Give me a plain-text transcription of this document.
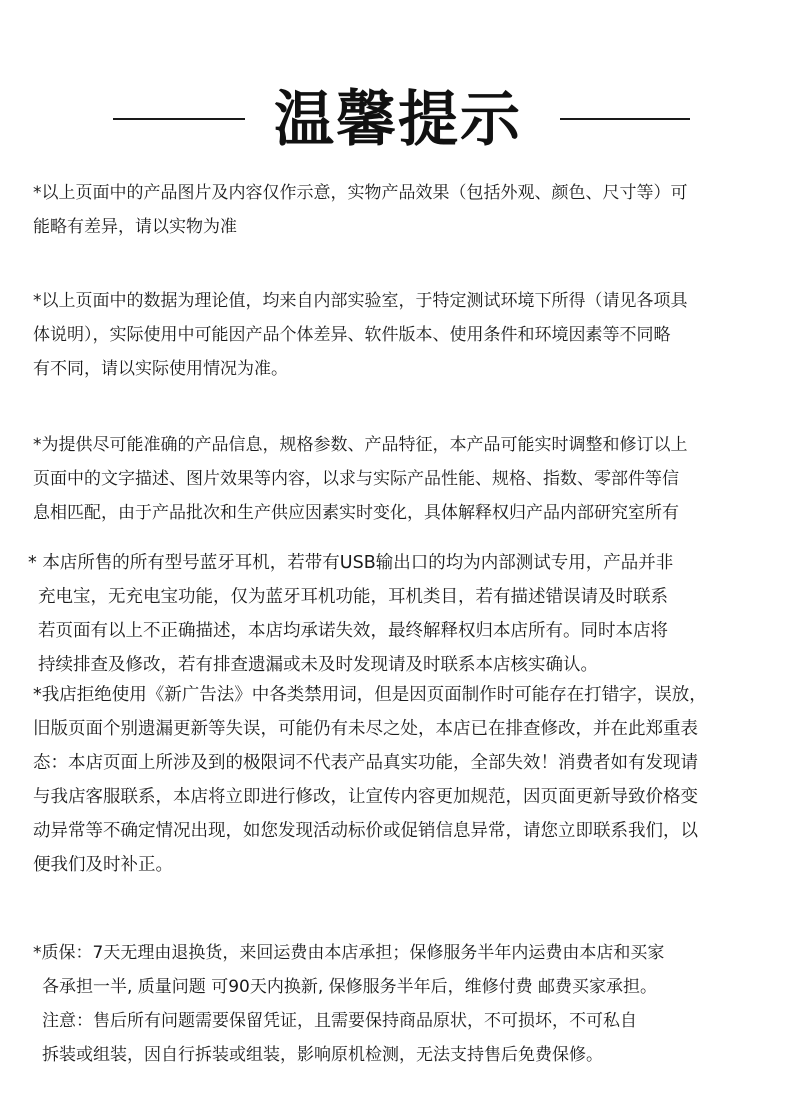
温馨提示
*以上页面中的产品图片及内容仅作示意，实物产品效果（包括外观、颜色、尺寸等）可
能略有差异，请以实物为准
*以上页面中的数据为理论值，均来自内部实验室，于特定测试环境下所得（请见各项具
体说明），实际使用中可能因产品个体差异、软件版本、使用条件和环境因素等不同略
有不同，请以实际使用情况为准。
*为提供尽可能准确的产品信息，规格参数、产品特征，本产品可能实时调整和修订以上
页面中的文字描述、图片效果等内容，以求与实际产品性能、规格、指数、零部件等信
息相匹配，由于产品批次和生产供应因素实时变化，具体解释权归产品内部研究室所有
* 本店所售的所有型号蓝牙耳机，若带有USB输出口的均为内部测试专用，产品并非
充电宝，无充电宝功能，仅为蓝牙耳机功能，耳机类目，若有描述错误请及时联系
若页面有以上不正确描述，本店均承诺失效，最终解释权归本店所有。同时本店将
持续排查及修改，若有排查遗漏或未及时发现请及时联系本店核实确认。
*我店拒绝使用《新广告法》中各类禁用词，但是因页面制作时可能存在打错字，误放，
旧版页面个别遗漏更新等失误，可能仍有未尽之处，本店已在排查修改，并在此郑重表
态：本店页面上所涉及到的极限词不代表产品真实功能，全部失效！消费者如有发现请
与我店客服联系，本店将立即进行修改，让宣传内容更加规范，因页面更新导致价格变
动异常等不确定情况出现，如您发现活动标价或促销信息异常，请您立即联系我们，以
便我们及时补正。
*质保：7天无理由退换货，来回运费由本店承担；保修服务半年内运费由本店和买家
各承担一半, 质量问题 可90天内换新, 保修服务半年后，维修付费 邮费买家承担。
注意：售后所有问题需要保留凭证，且需要保持商品原状，不可损坏，不可私自
拆装或组装，因自行拆装或组装，影响原机检测，无法支持售后免费保修。
